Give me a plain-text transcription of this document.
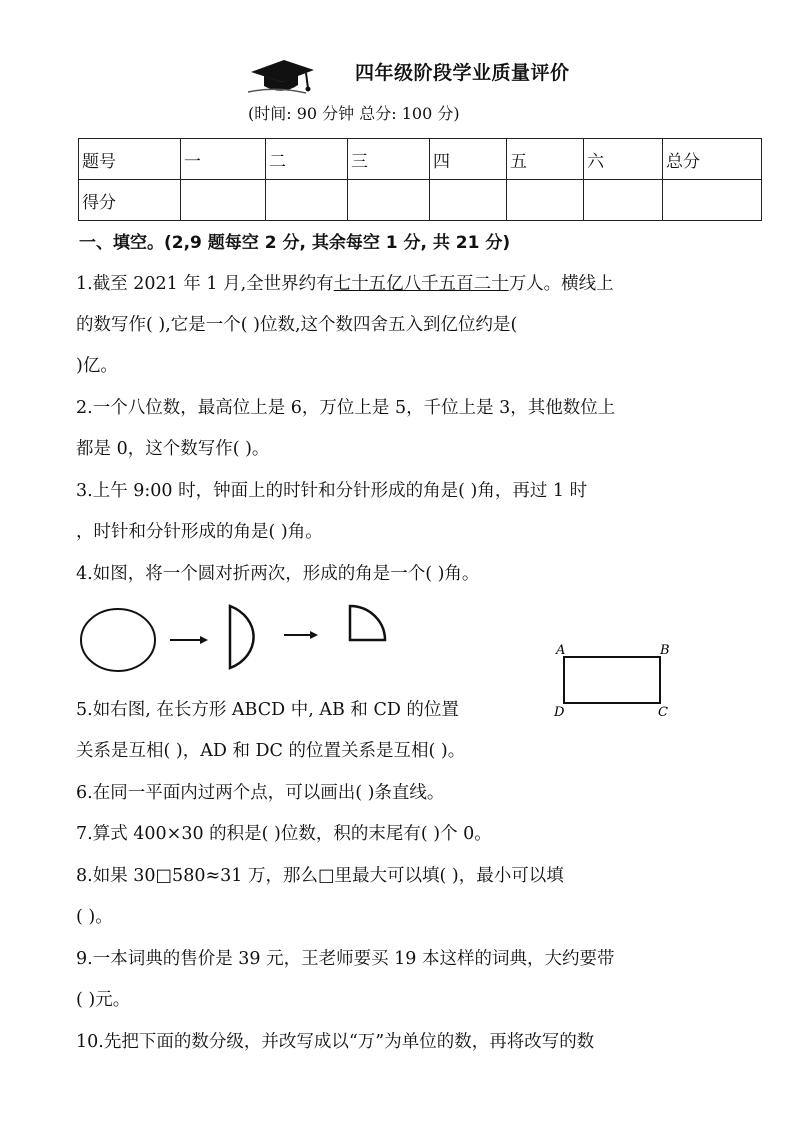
四年级阶段学业质量评价
(时间: 90 分钟 总分: 100 分)
题号	一	二	三	四	五	六	总分
得分							
一、填空。(2,9 题每空 2 分, 其余每空 1 分, 共 21 分)
1.截至 2021 年 1 月,全世界约有七十五亿八千五百二十万人。横线上
的数写作( ),它是一个( )位数,这个数四舍五入到亿位约是(
)亿。
2.一个八位数，最高位上是 6，万位上是 5，千位上是 3，其他数位上
都是 0，这个数写作( )。
3.上午 9:00 时，钟面上的时针和分针形成的角是( )角，再过 1 时
，时针和分针形成的角是( )角。
4.如图，将一个圆对折两次，形成的角是一个( )角。
A	B
C
D
5.如右图, 在长方形 ABCD 中, AB 和 CD 的位置
关系是互相( )，AD 和 DC 的位置关系是互相( )。
6.在同一平面内过两个点，可以画出( )条直线。
7.算式 400×30 的积是( )位数，积的末尾有( )个 0。
8.如果 30□580≈31 万，那么□里最大可以填( )，最小可以填
( )。
9.一本词典的售价是 39 元，王老师要买 19 本这样的词典，大约要带
( )元。
10.先把下面的数分级，并改写成以“万”为单位的数，再将改写的数
